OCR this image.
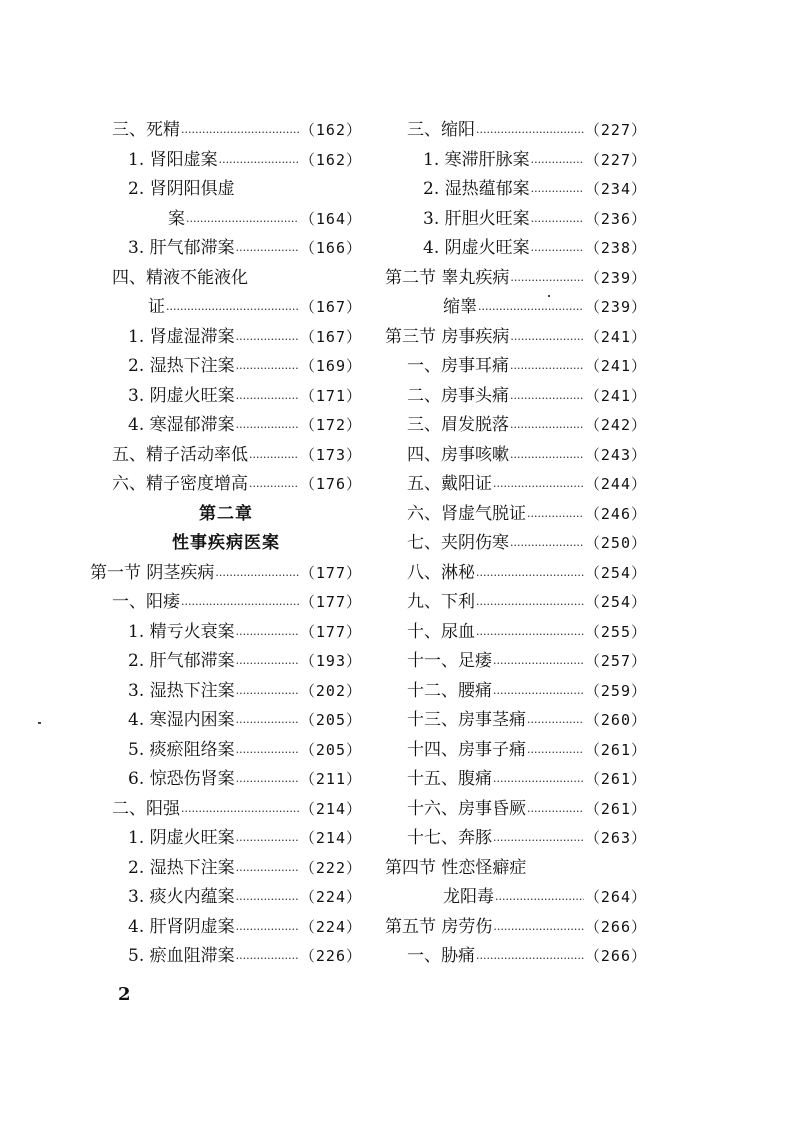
三、死精 ·····	（162）
1. 肾阳虚案 ·····	（162）
2. 肾阴阳俱虚
案 ·····	（164）
3. 肝气郁滞案 ·····	（166）
四、精液不能液化
证 ·····	（167）
1. 肾虚湿滞案 ·····	（167）
2. 湿热下注案 ·····	（169）
3. 阴虚火旺案 ·····	（171）
4. 寒湿郁滞案 ·····	（172）
五、精子活动率低 ·····	（173）
六、精子密度增高 ·····	（176）
第二章
性事疾病医案
第一节 阴茎疾病 ·····	（177）
一、阳痿 ·····	（177）
1. 精亏火衰案 ·····	（177）
2. 肝气郁滞案 ·····	（193）
3. 湿热下注案 ·····	（202）
4. 寒湿内困案 ·····	（205）
5. 痰瘀阻络案 ·····	（205）
6. 惊恐伤肾案 ·····	（211）
二、阳强 ·····	（214）
1. 阴虚火旺案 ·····	（214）
2. 湿热下注案 ·····	（222）
3. 痰火内蕴案 ·····	（224）
4. 肝肾阴虚案 ·····	（224）
5. 瘀血阻滞案 ·····	（226）
三、缩阳 ·····	（227）
1. 寒滞肝脉案 ·····	（227）
2. 湿热蕴郁案 ·····	（234）
3. 肝胆火旺案 ·····	（236）
4. 阴虚火旺案 ·····	（238）
第二节 睾丸疾病 ·····	（239）
缩睾 ·····	（239）
第三节 房事疾病 ·····	（241）
一、房事耳痛 ·····	（241）
二、房事头痛 ·····	（241）
三、眉发脱落 ·····	（242）
四、房事咳嗽 ·····	（243）
五、戴阳证 ·····	（244）
六、肾虚气脱证 ·····	（246）
七、夹阴伤寒 ·····	（250）
八、淋秘 ·····	（254）
九、下利 ·····	（254）
十、尿血 ·····	（255）
十一、足痿 ·····	（257）
十二、腰痛 ·····	（259）
十三、房事茎痛 ·····	（260）
十四、房事子痛 ·····	（261）
十五、腹痛 ·····	（261）
十六、房事昏厥 ·····	（261）
十七、奔豚 ·····	（263）
第四节 性恋怪癖症
龙阳毒 ·····	（264）
第五节 房劳伤 ·····	（266）
一、胁痛 ·····	（266）
2
